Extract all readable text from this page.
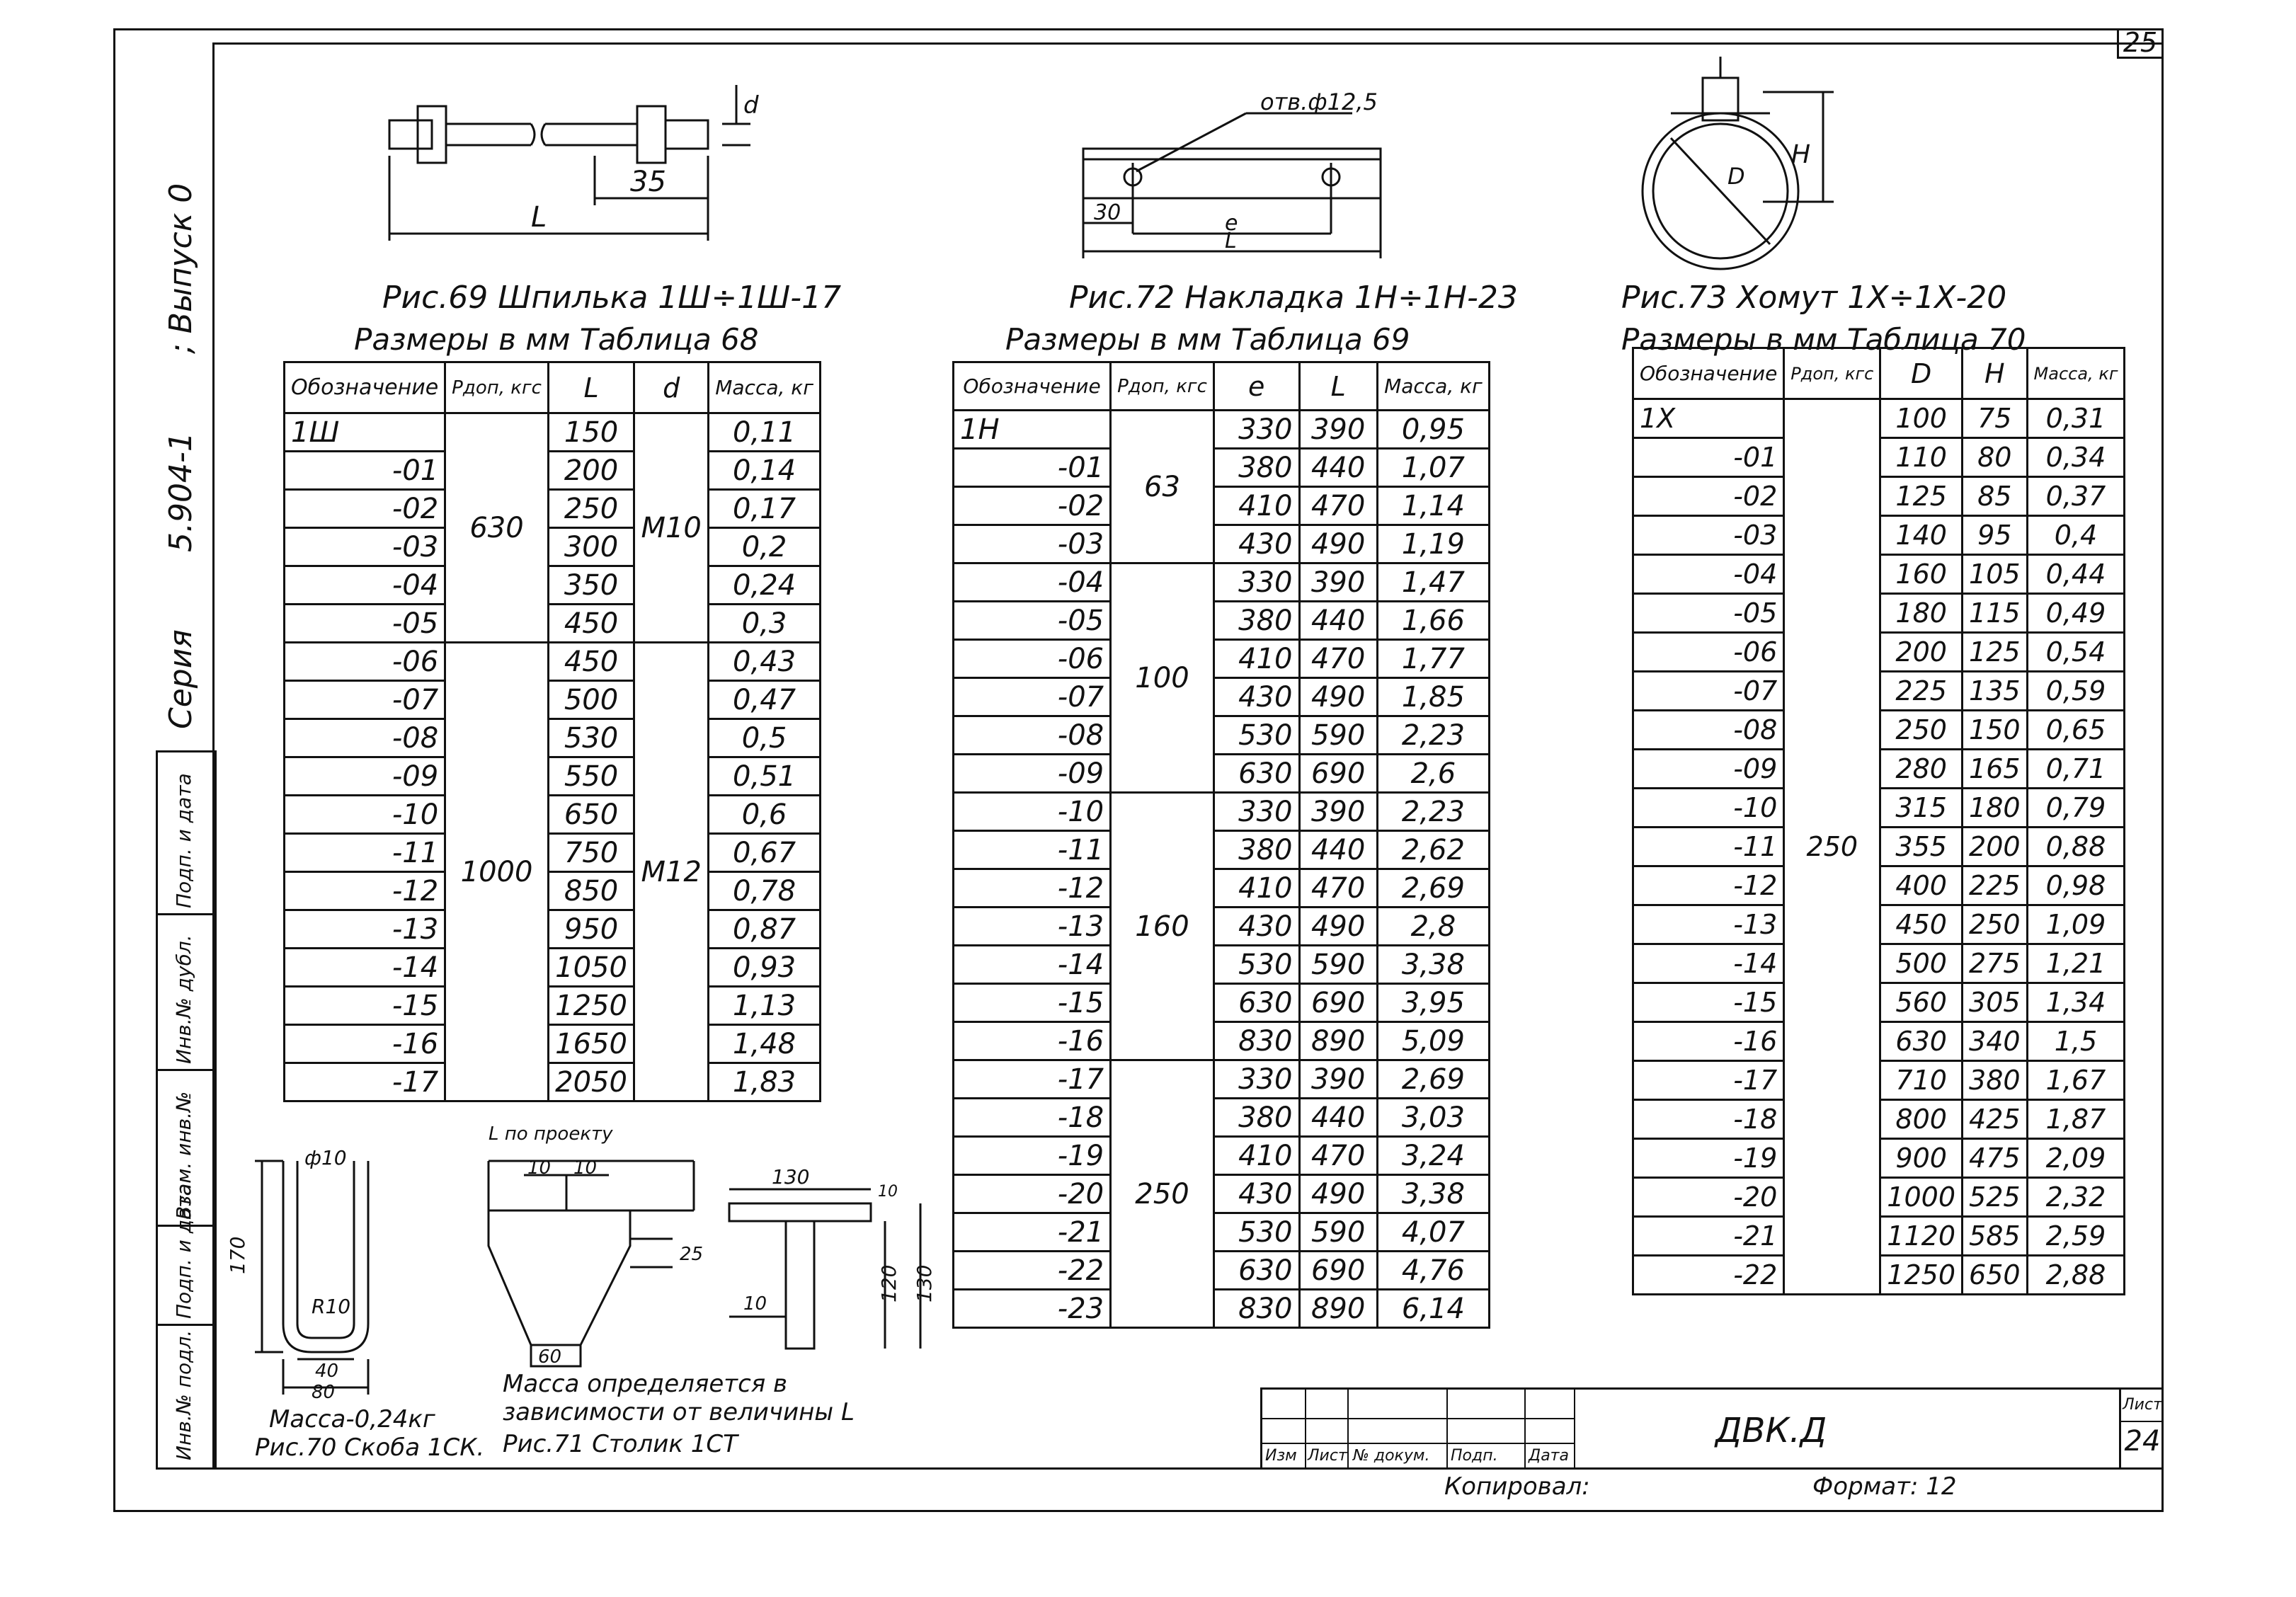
25
Серия
5.904-1
; Выпуск 0
Подп. и дата
Инв.№ дубл.
Взам. инв.№
Подп. и дата
Инв.№ подл.
35
L
d
Рис.69 Шпилька 1Ш÷1Ш-17
Размеры в мм Таблица 68
Обозначение	Pдоп, кгс	L	d	Масса, кг
1Ш	630	150	М10	0,11
-01		200		0,14
-02		250		0,17
-03		300		0,2
-04		350		0,24
-05		450		0,3
-06	1000	450	М12	0,43
-07		500		0,47
-08		530		0,5
-09		550		0,51
-10		650		0,6
-11		750		0,67
-12		850		0,78
-13		950		0,87
-14		1050		0,93
-15		1250		1,13
-16		1650		1,48
-17		2050		1,83
отв.ф12,5
30	e
L
Рис.72 Накладка 1Н÷1Н-23
Размеры в мм Таблица 69
Обозначение	Pдоп, кгс	e	L	Масса, кг
1Н	63	330	390	0,95
-01		380	440	1,07
-02		410	470	1,14
-03		430	490	1,19
-04	100	330	390	1,47
-05		380	440	1,66
-06		410	470	1,77
-07		430	490	1,85
-08		530	590	2,23
-09		630	690	2,6
-10	160	330	390	2,23
-11		380	440	2,62
-12		410	470	2,69
-13		430	490	2,8
-14		530	590	3,38
-15		630	690	3,95
-16		830	890	5,09
-17	250	330	390	2,69
-18		380	440	3,03
-19		410	470	3,24
-20		430	490	3,38
-21		530	590	4,07
-22		630	690	4,76
-23		830	890	6,14
H
D
Рис.73 Хомут 1Х÷1Х-20
Размеры в мм Таблица 70
Обозначение	Pдоп, кгс	D	H	Масса, кг
1Х	250	100	75	0,31
-01		110	80	0,34
-02		125	85	0,37
-03		140	95	0,4
-04		160	105	0,44
-05		180	115	0,49
-06		200	125	0,54
-07		225	135	0,59
-08		250	150	0,65
-09		280	165	0,71
-10		315	180	0,79
-11		355	200	0,88
-12		400	225	0,98
-13		450	250	1,09
-14		500	275	1,21
-15		560	305	1,34
-16		630	340	1,5
-17		710	380	1,67
-18		800	425	1,87
-19		900	475	2,09
-20		1000	525	2,32
-21		1120	585	2,59
-22		1250	650	2,88
ф10
170
R10
40
80
Масса-0,24кг
Рис.70 Скоба 1СК.
L по проекту
10 10
25
60
Масса определяется в
зависимости от величины L
Рис.71 Столик 1СТ
130
10
120 130
10
Изм Лист № докум. Подп. Дата
ДВК.Д
Лист
24
Копировал:	Формат: 12
